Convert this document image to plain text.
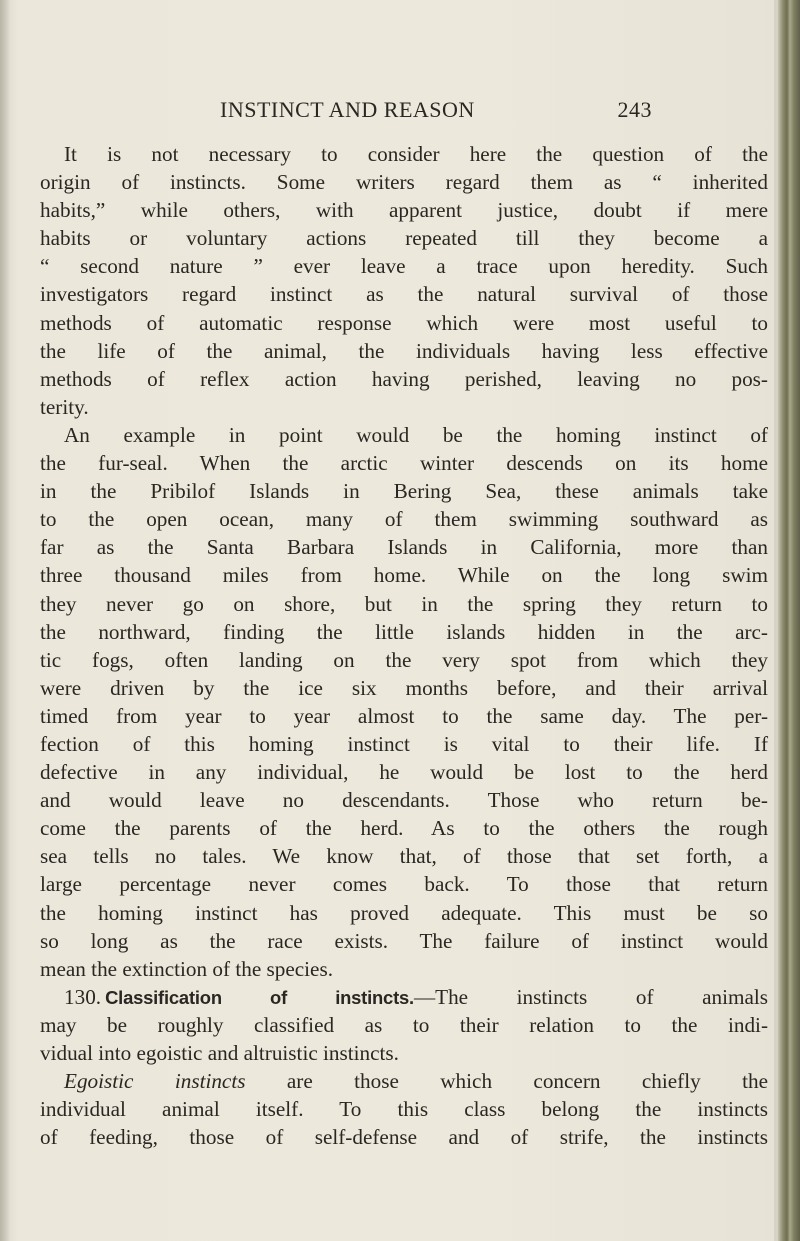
INSTINCT AND REASON	243
It is not necessary to consider here the question of the
origin of instincts. Some writers regard them as “ inherited
habits,” while others, with apparent justice, doubt if mere
habits or voluntary actions repeated till they become a
“ second nature ” ever leave a trace upon heredity. Such
investigators regard instinct as the natural survival of those
methods of automatic response which were most useful to
the life of the animal, the individuals having less effective
methods of reflex action having perished, leaving no pos-
terity.
An example in point would be the homing instinct of
the fur-seal. When the arctic winter descends on its home
in the Pribilof Islands in Bering Sea, these animals take
to the open ocean, many of them swimming southward as
far as the Santa Barbara Islands in California, more than
three thousand miles from home. While on the long swim
they never go on shore, but in the spring they return to
the northward, finding the little islands hidden in the arc-
tic fogs, often landing on the very spot from which they
were driven by the ice six months before, and their arrival
timed from year to year almost to the same day. The per-
fection of this homing instinct is vital to their life. If
defective in any individual, he would be lost to the herd
and would leave no descendants. Those who return be-
come the parents of the herd. As to the others the rough
sea tells no tales. We know that, of those that set forth, a
large percentage never comes back. To those that return
the homing instinct has proved adequate. This must be so
so long as the race exists. The failure of instinct would
mean the extinction of the species.
130. Classification of instincts.—The instincts of animals
may be roughly classified as to their relation to the indi-
vidual into egoistic and altruistic instincts.
Egoistic instincts are those which concern chiefly the
individual animal itself. To this class belong the instincts
of feeding, those of self-defense and of strife, the instincts
